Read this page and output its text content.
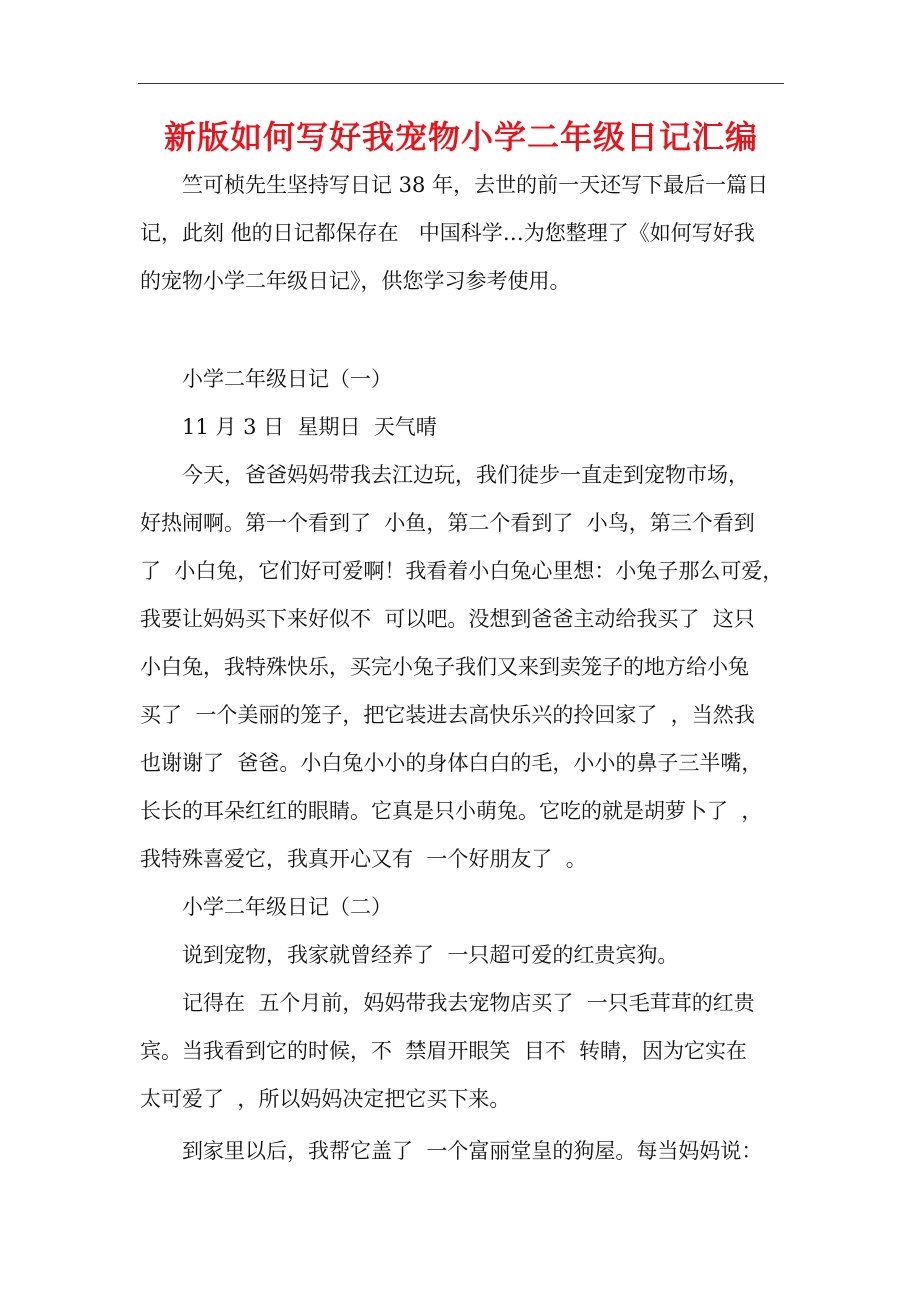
新版如何写好我宠物小学二年级日记汇编
竺可桢先生坚持写日记 38 年，去世的前一天还写下最后一篇日
记，此刻 他的日记都保存在   中国科学…为您整理了《如何写好我
的宠物小学二年级日记》，供您学习参考使用。
小学二年级日记（一）
11 月 3 日  星期日  天气晴
今天，爸爸妈妈带我去江边玩，我们徒步一直走到宠物市场，
好热闹啊。第一个看到了  小鱼，第二个看到了  小鸟，第三个看到
了  小白兔，它们好可爱啊！我看着小白兔心里想：小兔子那么可爱，
我要让妈妈买下来好似不  可以吧。没想到爸爸主动给我买了  这只
小白兔，我特殊快乐，买完小兔子我们又来到卖笼子的地方给小兔
买了  一个美丽的笼子，把它装进去高快乐兴的拎回家了  ，当然我
也谢谢了  爸爸。小白兔小小的身体白白的毛，小小的鼻子三半嘴，
长长的耳朵红红的眼睛。它真是只小萌兔。它吃的就是胡萝卜了  ，
我特殊喜爱它，我真开心又有  一个好朋友了  。
小学二年级日记（二）
说到宠物，我家就曾经养了  一只超可爱的红贵宾狗。
记得在  五个月前，妈妈带我去宠物店买了  一只毛茸茸的红贵
宾。当我看到它的时候，不  禁眉开眼笑  目不  转睛，因为它实在
太可爱了  ，所以妈妈决定把它买下来。
到家里以后，我帮它盖了  一个富丽堂皇的狗屋。每当妈妈说：
